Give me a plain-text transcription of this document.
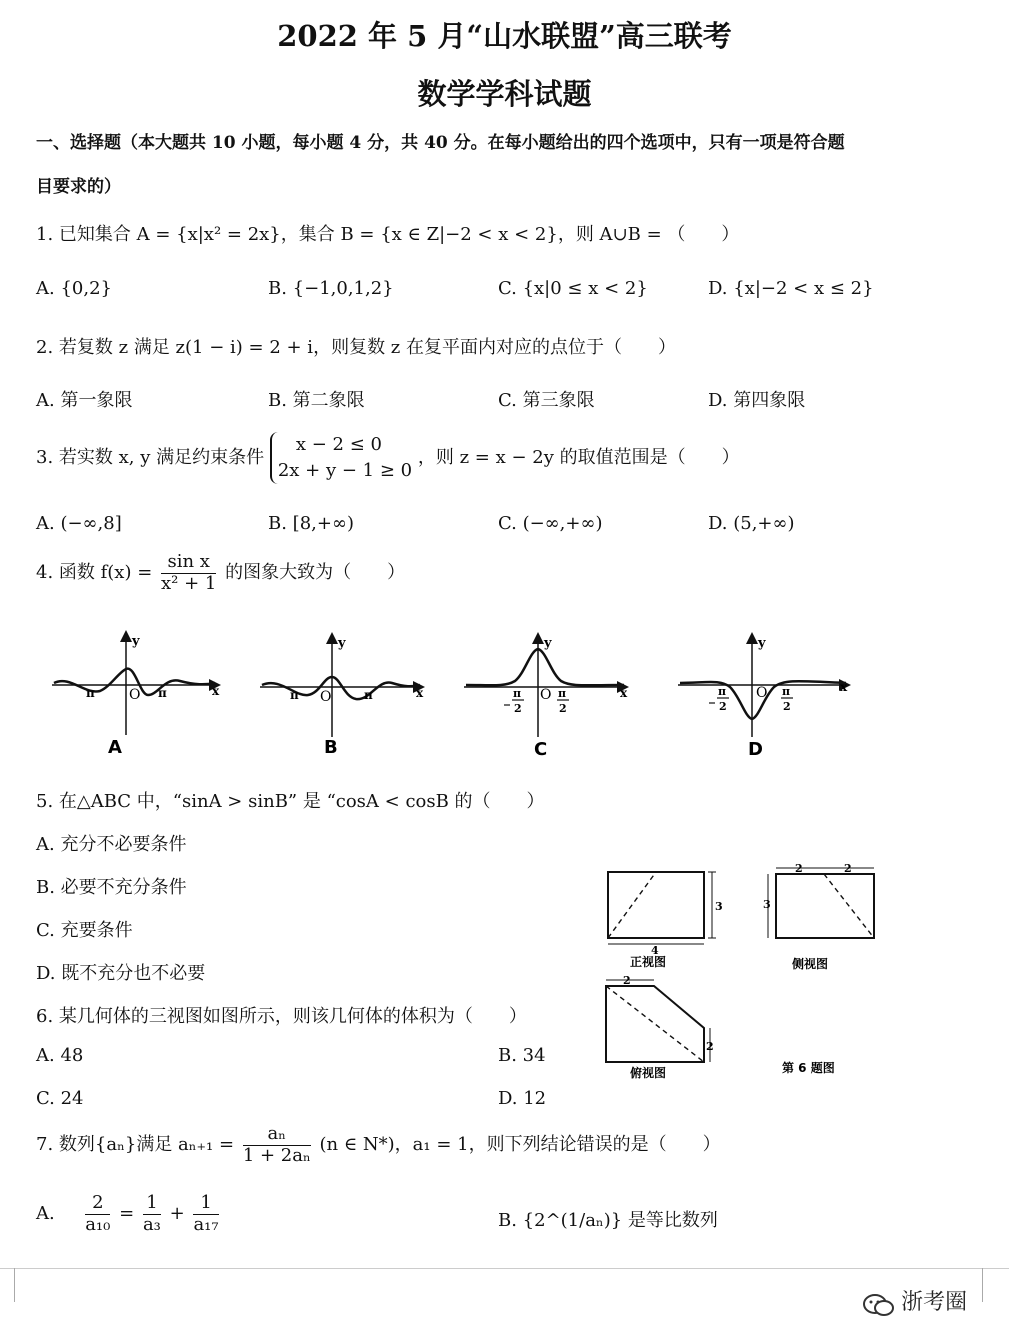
2022 年 5 月“山水联盟”高三联考
数学学科试题
一、选择题（本大题共 10 小题，每小题 4 分，共 40 分。在每小题给出的四个选项中，只有一项是符合题
目要求的）
1. 已知集合 A = {x|x² = 2x}，集合 B = {x ∈ Z|−2 < x < 2}，则 A∪B = （　　）
A. {0,2}	B. {−1,0,1,2}	C. {x|0 ≤ x < 2}	D. {x|−2 < x ≤ 2}
2. 若复数 z 满足 z(1 − i) = 2 + i，则复数 z 在复平面内对应的点位于（　　）
A. 第一象限	B. 第二象限	C. 第三象限	D. 第四象限
3. 若实数 x, y 满足约束条件
x − 2 ≤ 0
2x + y − 1 ≥ 0
，则 z = x − 2y 的取值范围是（　　）
A. (−∞,8]	B. [8,+∞)	C. (−∞,+∞)	D. (5,+∞)
4. 函数 $f(x) = \frac{\text{sin x}}{\text{x² + 1}}$ 的图象大致为（　　）
y
x
O
π	π
A
y
x
O
π	π
B
y
x
O
π
2
π
2
C
y
x
O
π
2
π
2
D
5. 在△ABC 中，“sinA > sinB” 是 “cosA < cosB 的（　　）
A. 充分不必要条件
B. 必要不充分条件
C. 充要条件
D. 既不充分也不必要
6. 某几何体的三视图如图所示，则该几何体的体积为（　　）
A. 48	B. 34
C. 24	D. 12
3
4
正视图
2	2
3
侧视图
2
2
俯视图	第 6 题图
7. 数列{aₙ}满足 $a_{n+1} = \frac{\text{aₙ}}{\text{1 + 2aₙ}} (n$ ∈ N*)，a₁ = 1，则下列结论错误的是（　　）
A. $\frac{2}{\text{a₁₀}} = \frac{1}{\text{a₃}} + \frac{1}{\text{a₁₇}}$	B. {2^(1/aₙ)} 是等比数列
浙考圈
